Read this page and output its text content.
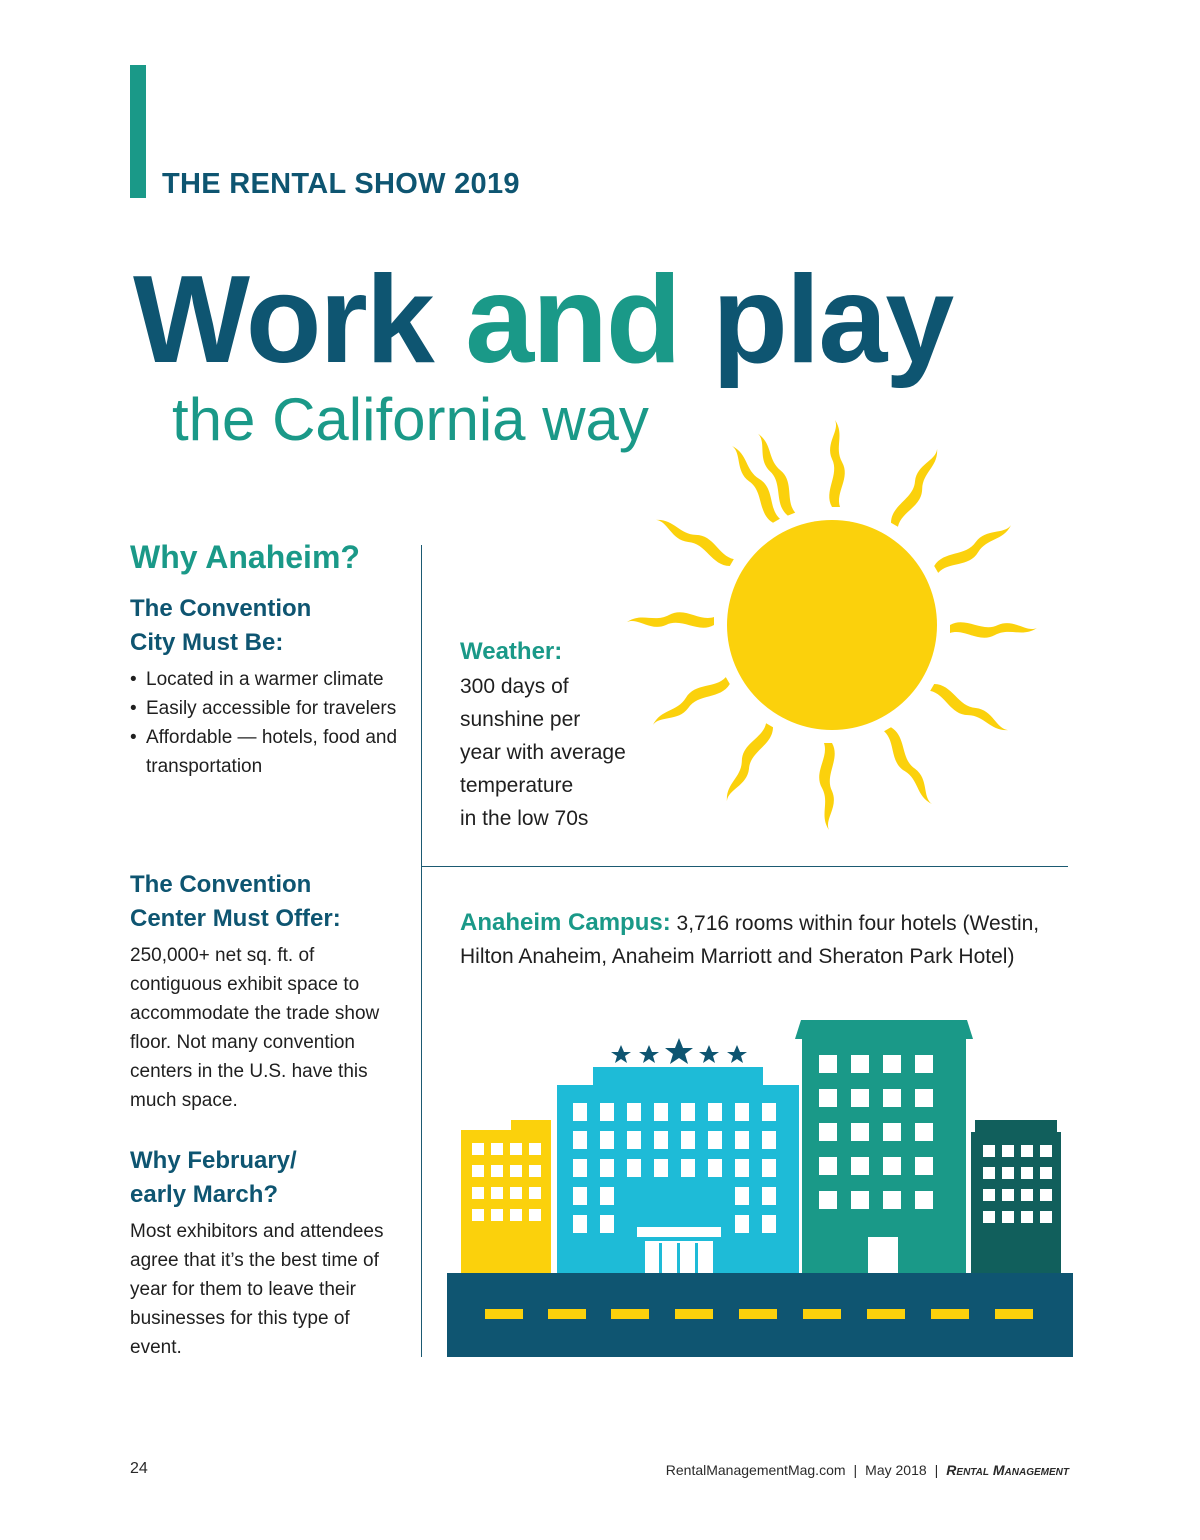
THE RENTAL SHOW 2019
Work and play
the California way
Why Anaheim?
The Convention
City Must Be:
• Located in a warmer climate
• Easily accessible for travelers
• Affordable — hotels, food and transportation
The Convention
Center Must Offer:
250,000+ net sq. ft. of contiguous exhibit space to accommodate the trade show floor. Not many convention centers in the U.S. have this much space.
Why February/
early March?
Most exhibitors and attendees agree that it’s the best time of year for them to leave their businesses for this type of event.
Weather:
300 days of
sunshine per
year with average
temperature
in the low 70s
Anaheim Campus: 3,716 rooms within four hotels (Westin, Hilton Anaheim, Anaheim Marriott and Sheraton Park Hotel)
24	RentalManagementMag.com | May 2018 | Rental Management
